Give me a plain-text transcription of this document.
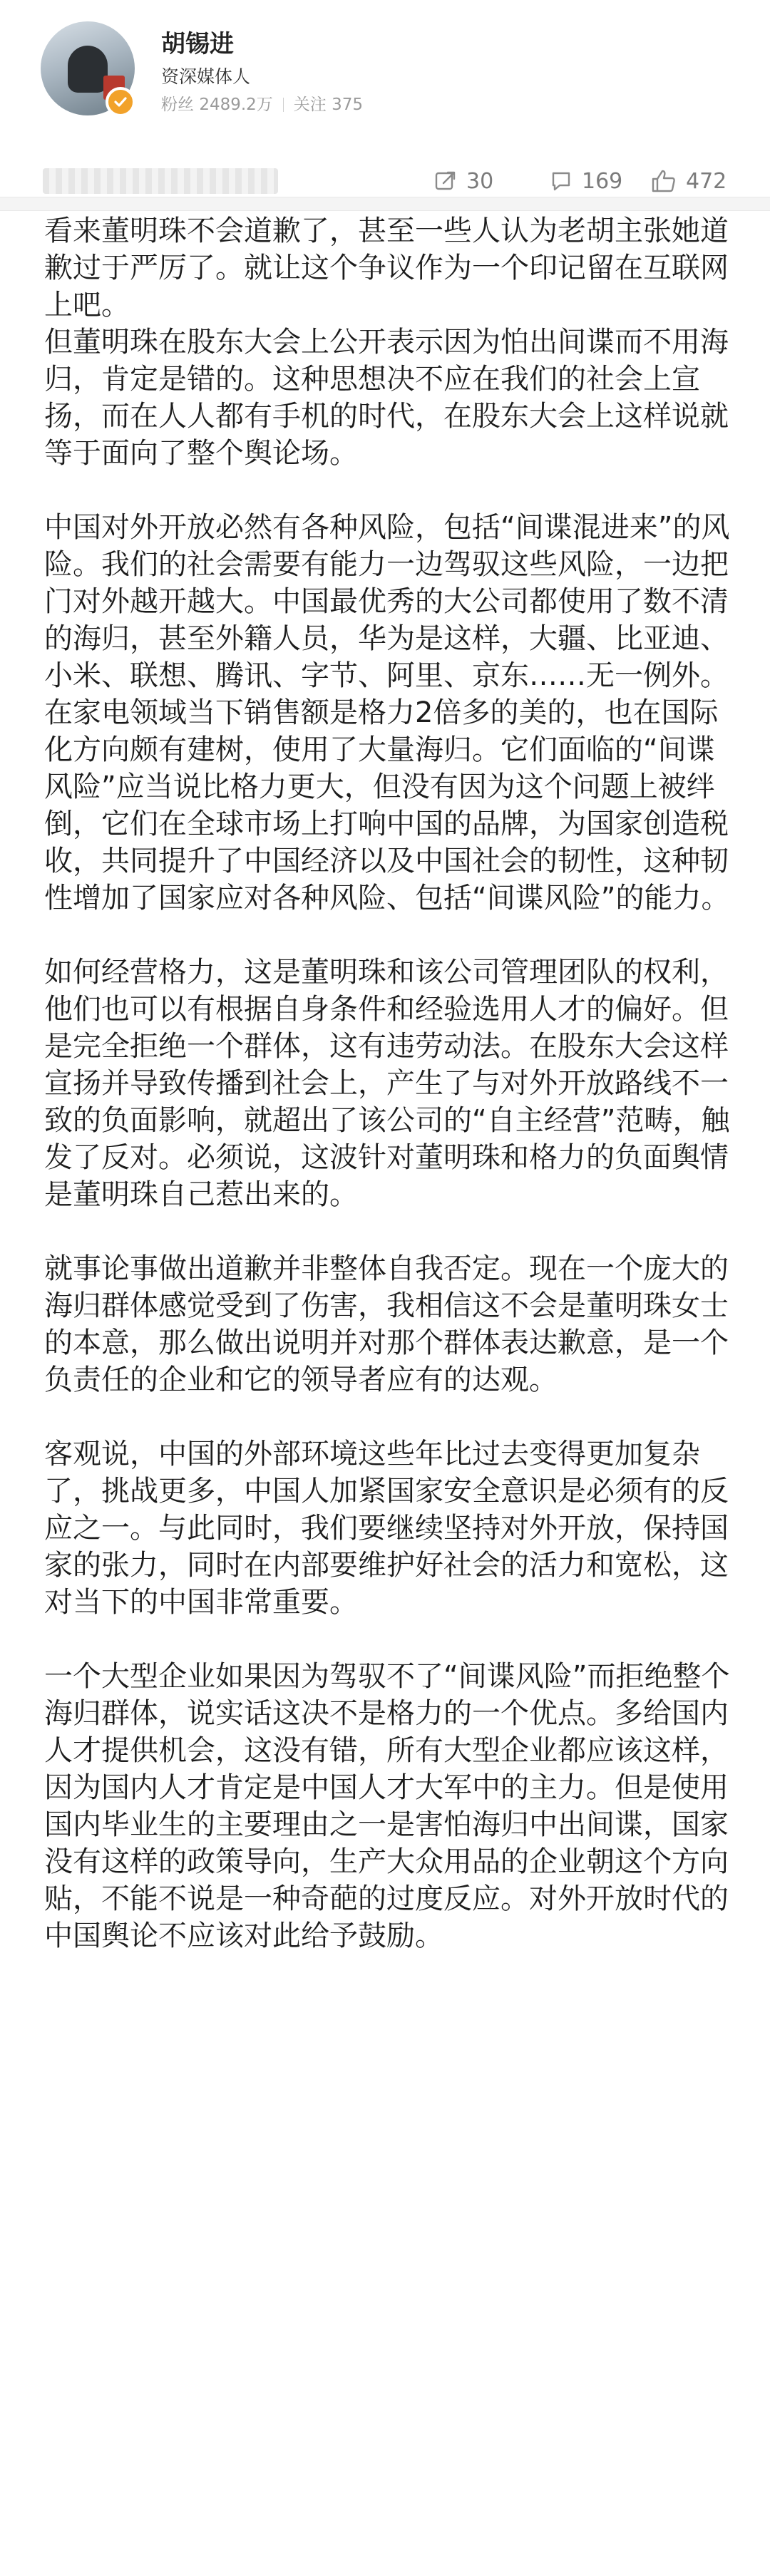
胡锡进
资深媒体人
粉丝 2489.2万 关注 375
30	169	472

看来董明珠不会道歉了，甚至一些人认为老胡主张她道歉过于严厉了。就让这个争议作为一个印记留在互联网上吧。

但董明珠在股东大会上公开表示因为怕出间谍而不用海归，肯定是错的。这种思想决不应在我们的社会上宣扬，而在人人都有手机的时代，在股东大会上这样说就等于面向了整个舆论场。

中国对外开放必然有各种风险，包括“间谍混进来”的风险。我们的社会需要有能力一边驾驭这些风险，一边把门对外越开越大。中国最优秀的大公司都使用了数不清的海归，甚至外籍人员，华为是这样，大疆、比亚迪、小米、联想、腾讯、字节、阿里、京东……无一例外。在家电领域当下销售额是格力2倍多的美的，也在国际化方向颇有建树，使用了大量海归。它们面临的“间谍风险”应当说比格力更大，但没有因为这个问题上被绊倒，它们在全球市场上打响中国的品牌，为国家创造税收，共同提升了中国经济以及中国社会的韧性，这种韧性增加了国家应对各种风险、包括“间谍风险”的能力。

如何经营格力，这是董明珠和该公司管理团队的权利，他们也可以有根据自身条件和经验选用人才的偏好。但是完全拒绝一个群体，这有违劳动法。在股东大会这样宣扬并导致传播到社会上，产生了与对外开放路线不一致的负面影响，就超出了该公司的“自主经营”范畴，触发了反对。必须说，这波针对董明珠和格力的负面舆情是董明珠自己惹出来的。

就事论事做出道歉并非整体自我否定。现在一个庞大的海归群体感觉受到了伤害，我相信这不会是董明珠女士的本意，那么做出说明并对那个群体表达歉意，是一个负责任的企业和它的领导者应有的达观。

客观说，中国的外部环境这些年比过去变得更加复杂了，挑战更多，中国人加紧国家安全意识是必须有的反应之一。与此同时，我们要继续坚持对外开放，保持国家的张力，同时在内部要维护好社会的活力和宽松，这对当下的中国非常重要。

一个大型企业如果因为驾驭不了“间谍风险”而拒绝整个海归群体，说实话这决不是格力的一个优点。多给国内人才提供机会，这没有错，所有大型企业都应该这样，因为国内人才肯定是中国人才大军中的主力。但是使用国内毕业生的主要理由之一是害怕海归中出间谍，国家没有这样的政策导向，生产大众用品的企业朝这个方向贴，不能不说是一种奇葩的过度反应。对外开放时代的中国舆论不应该对此给予鼓励。
